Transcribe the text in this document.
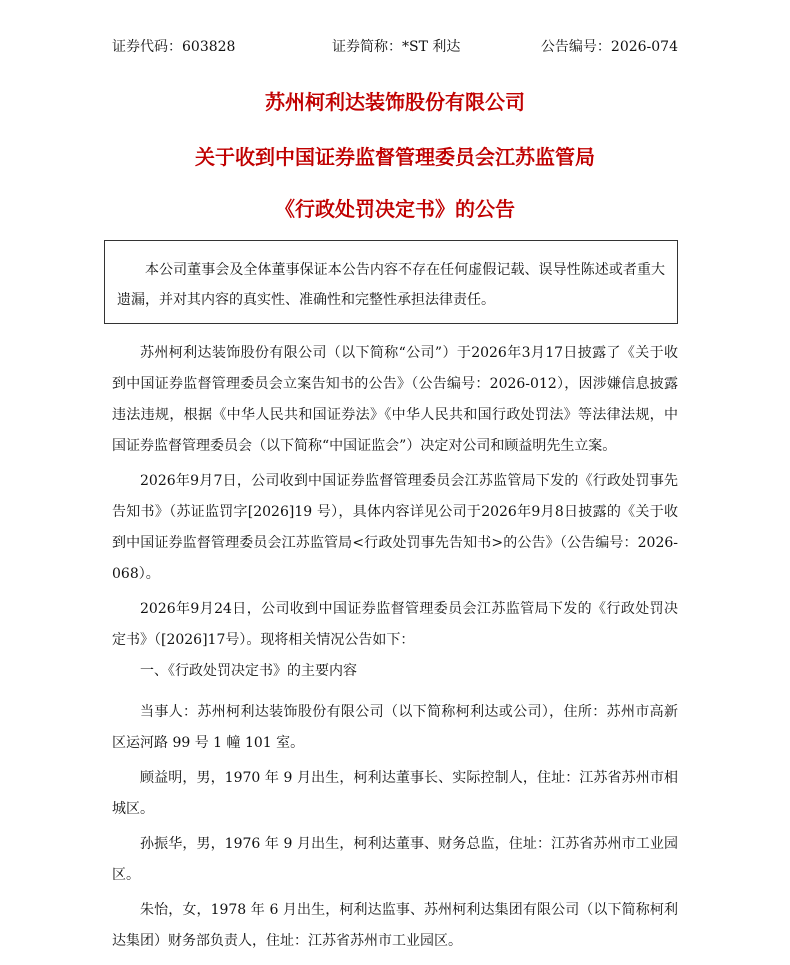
证券代码：603828	证券简称：*ST 利达	公告编号：2026-074
苏州柯利达装饰股份有限公司
关于收到中国证券监督管理委员会江苏监管局
《行政处罚决定书》的公告
本公司董事会及全体董事保证本公告内容不存在任何虚假记载、误导性陈述或者重大遗漏，并对其内容的真实性、准确性和完整性承担法律责任。

苏州柯利达装饰股份有限公司（以下简称“公司”）于2026年3月17日披露了《关于收到中国证券监督管理委员会立案告知书的公告》（公告编号：2026-012），因涉嫌信息披露违法违规，根据《中华人民共和国证券法》《中华人民共和国行政处罚法》等法律法规，中国证券监督管理委员会（以下简称“中国证监会”）决定对公司和顾益明先生立案。

2026年9月7日，公司收到中国证券监督管理委员会江苏监管局下发的《行政处罚事先告知书》（苏证监罚字[2026]19 号），具体内容详见公司于2026年9月8日披露的《关于收到中国证券监督管理委员会江苏监管局<行政处罚事先告知书>的公告》（公告编号：2026-068）。

2026年9月24日，公司收到中国证券监督管理委员会江苏监管局下发的《行政处罚决定书》（[2026]17号）。现将相关情况公告如下：

一、《行政处罚决定书》的主要内容

当事人：苏州柯利达装饰股份有限公司（以下简称柯利达或公司），住所：苏州市高新区运河路 99 号 1 幢 101 室。

顾益明，男，1970 年 9 月出生，柯利达董事长、实际控制人，住址：江苏省苏州市相城区。

孙振华，男，1976 年 9 月出生，柯利达董事、财务总监，住址：江苏省苏州市工业园区。

朱怡，女，1978 年 6 月出生，柯利达监事、苏州柯利达集团有限公司（以下简称柯利达集团）财务部负责人，住址：江苏省苏州市工业园区。
